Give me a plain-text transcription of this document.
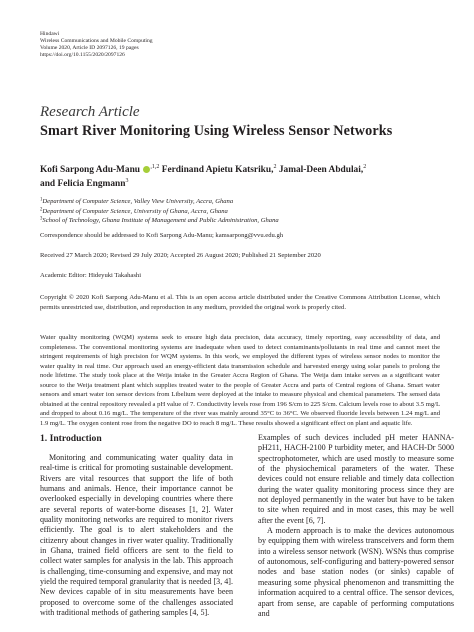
Hindawi
Wireless Communications and Mobile Computing
Volume 2020, Article ID 2097126, 19 pages
https://doi.org/10.1155/2020/2097126
Research Article
Smart River Monitoring Using Wireless Sensor Networks
Kofi Sarpong Adu-Manu $^{,1,2}$ Ferdinand Apietu Katsriku,$^2$ Jamal-Deen Abdulai,$^2$
and Felicia Engmann$^3$
$^1$Department of Computer Science, Valley View University, Accra, Ghana
$^2$Department of Computer Science, University of Ghana, Accra, Ghana
$^3$School of Technology, Ghana Institute of Management and Public Administration, Ghana
Correspondence should be addressed to Kofi Sarpong Adu-Manu; kamsarpong@vvu.edu.gh
Received 27 March 2020; Revised 29 July 2020; Accepted 26 August 2020; Published 21 September 2020
Academic Editor: Hideyuki Takahashi
Copyright © 2020 Kofi Sarpong Adu-Manu et al. This is an open access article distributed under the Creative Commons Attribution License, which permits unrestricted use, distribution, and reproduction in any medium, provided the original work is properly cited.
Water quality monitoring (WQM) systems seek to ensure high data precision, data accuracy, timely reporting, easy accessibility of data, and completeness. The conventional monitoring systems are inadequate when used to detect contaminants/pollutants in real time and cannot meet the stringent requirements of high precision for WQM systems. In this work, we employed the different types of wireless sensor nodes to monitor the water quality in real time. Our approach used an energy-efficient data transmission schedule and harvested energy using solar panels to prolong the node lifetime. The study took place at the Weija intake in the Greater Accra Region of Ghana. The Weija dam intake serves as a significant water source to the Weija treatment plant which supplies treated water to the people of Greater Accra and parts of Central regions of Ghana. Smart water sensors and smart water ion sensor devices from Libelium were deployed at the intake to measure physical and chemical parameters. The sensed data obtained at the central repository revealed a pH value of 7. Conductivity levels rose from 196 S/cm to 225 S/cm. Calcium levels rose to about 3.5 mg/L and dropped to about 0.16 mg/L. The temperature of the river was mainly around 35°C to 36°C. We observed fluoride levels between 1.24 mg/L and 1.9 mg/L. The oxygen content rose from the negative DO to reach 8 mg/L. These results showed a significant effect on plant and aquatic life.
1. Introduction

Monitoring and communicating water quality data in real-time is critical for promoting sustainable development. Rivers are vital resources that support the life of both humans and animals. Hence, their importance cannot be overlooked especially in developing countries where there are several reports of water-borne diseases [1, 2]. Water quality monitoring networks are required to monitor rivers efficiently. The goal is to alert stakeholders and the citizenry about changes in river water quality. Traditionally in Ghana, trained field officers are sent to the field to collect water samples for analysis in the lab. This approach is challenging, time-consuming and expensive, and may not yield the required temporal granularity that is needed [3, 4]. New devices capable of in situ measurements have been proposed to overcome some of the challenges associated with traditional methods of gathering samples [4, 5].

Examples of such devices included pH meter HANNA-pH211, HACH-2100 P turbidity meter, and HACH-Dr 5000 spectrophotometer, which are used mostly to measure some of the physiochemical parameters of the water. These devices could not ensure reliable and timely data collection during the water quality monitoring process since they are not deployed permanently in the water but have to be taken to site when required and in most cases, this may be well after the event [6, 7].

A modern approach is to make the devices autonomous by equipping them with wireless transceivers and form them into a wireless sensor network (WSN). WSNs thus comprise of autonomous, self-configuring and battery-powered sensor nodes and base station nodes (or sinks) capable of measuring some physical phenomenon and transmitting the information acquired to a central office. The sensor devices, apart from sense, are capable of performing computations and
